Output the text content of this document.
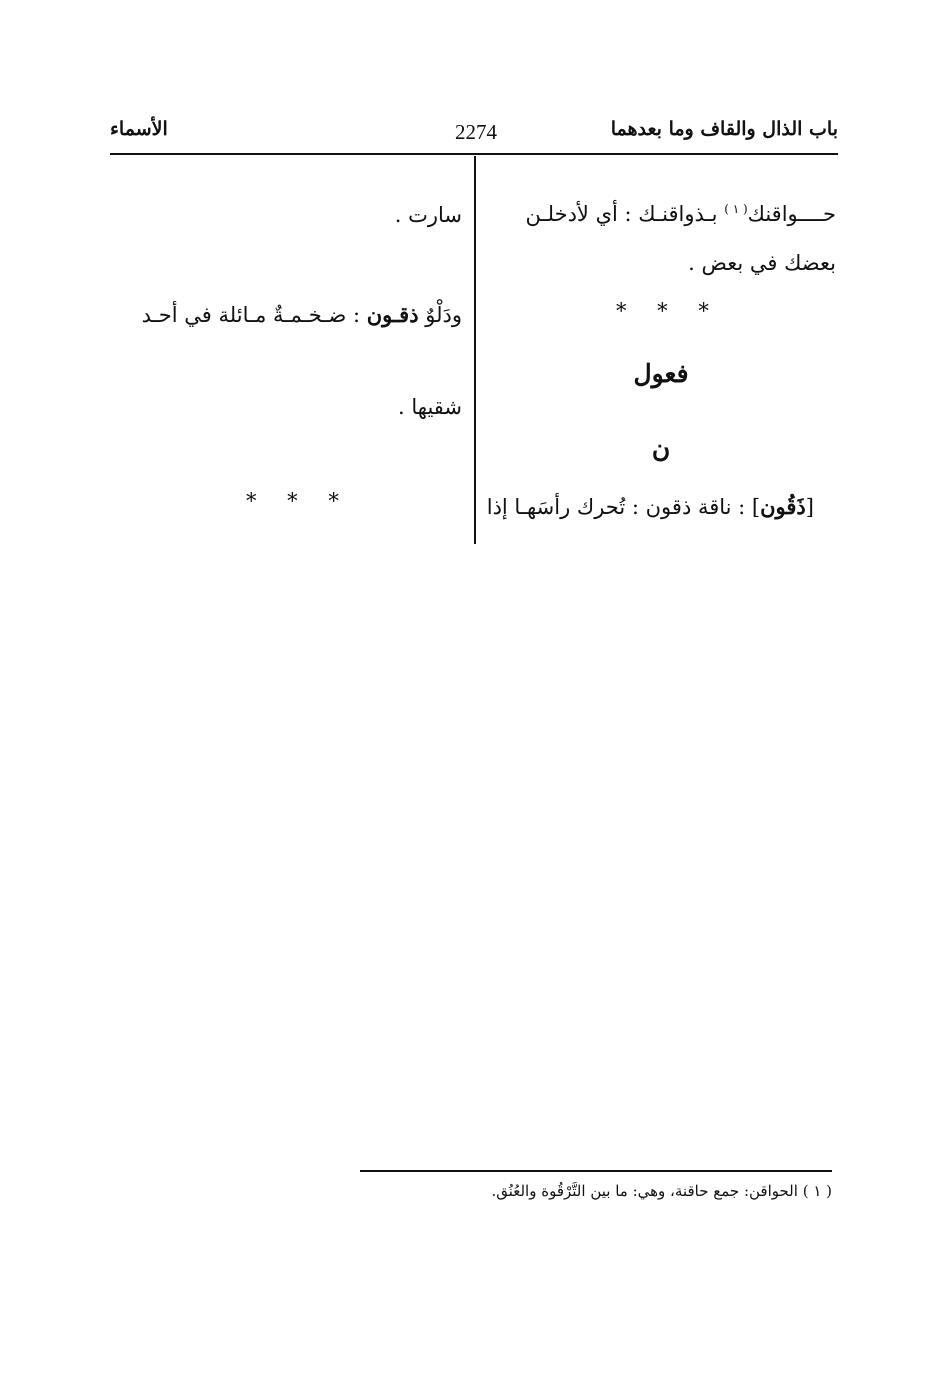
الأسماء	2274	باب الذال والقاف وما بعدهما
حــــواقنك$^{( ١ )}$ بـذواقنـك : أي لأدخلـن
بعضك في بعض .
* * *
فعول
ن
[ذَقُون] : ناقة ذقون : تُحرك رأسَهـا إذا
سارت .
ودَلْوٌ ذقـون : ضـخـمـةٌ مـائلة في أحـد
شقيها .
* * *
( ١ ) الحواقن: جمع حاقنة، وهي: ما بين التَّرْقُوة والعُنُق.
